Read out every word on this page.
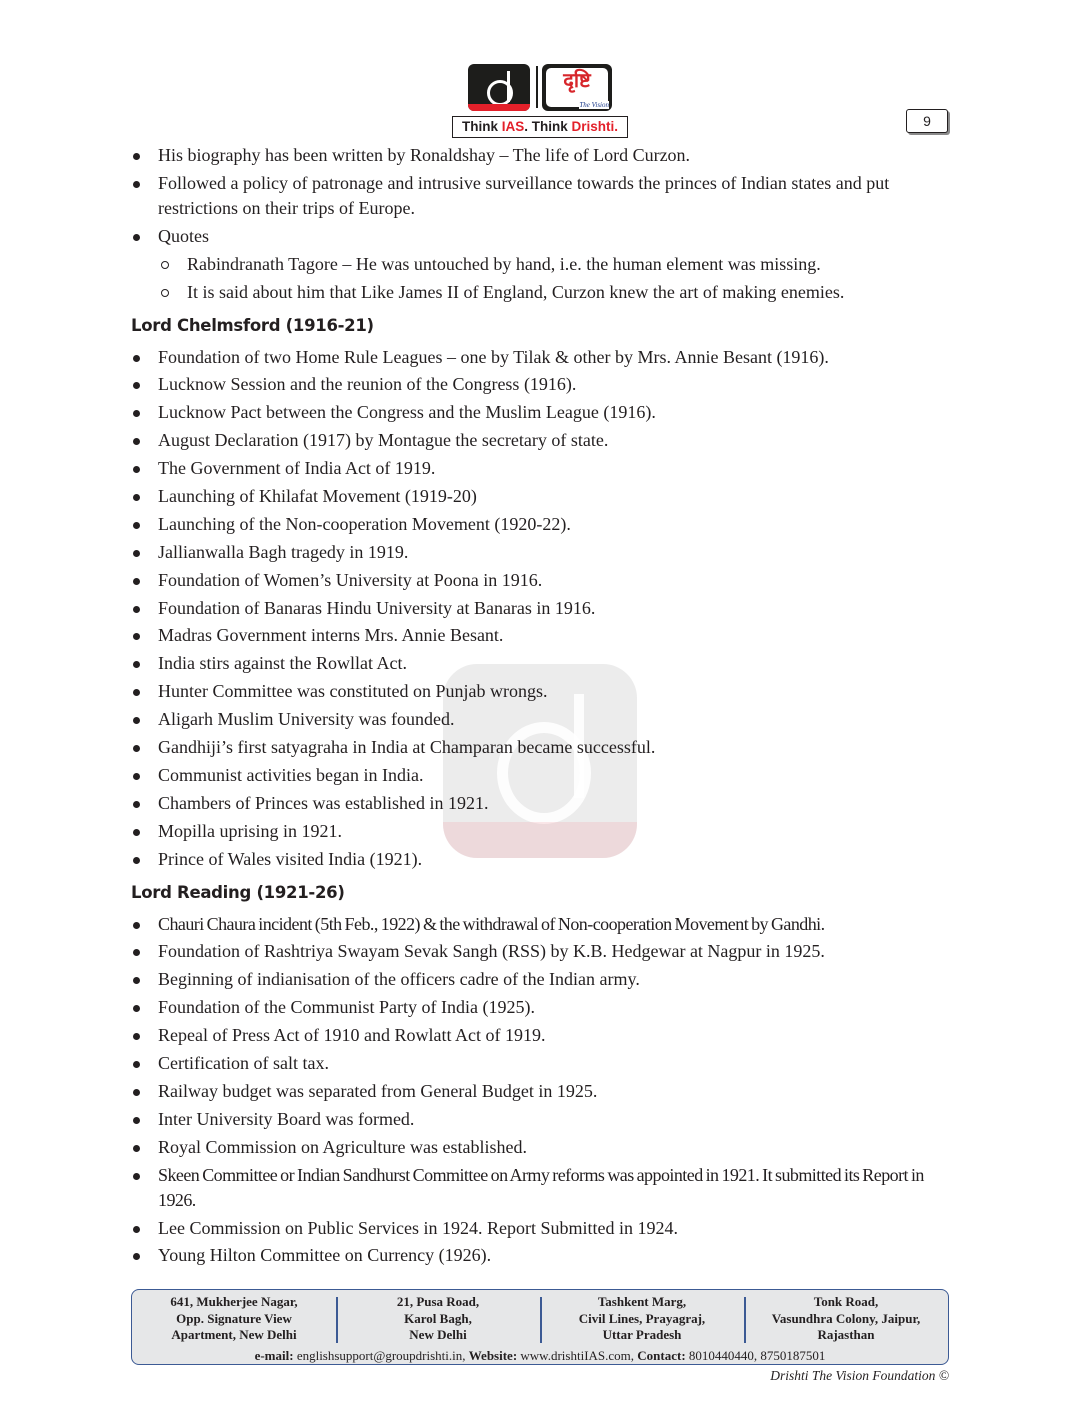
दृष्टि
The Vision
Think IAS. Think Drishti.	9
His biography has been written by Ronaldshay – The life of Lord Curzon.
Followed a policy of patronage and intrusive surveillance towards the princes of Indian states and put restrictions on their trips of Europe.
Quotes
Rabindranath Tagore – He was untouched by hand, i.e. the human element was missing.
It is said about him that Like James II of England, Curzon knew the art of making enemies.
Lord Chelmsford (1916-21)
Foundation of two Home Rule Leagues – one by Tilak & other by Mrs. Annie Besant (1916).
Lucknow Session and the reunion of the Congress (1916).
Lucknow Pact between the Congress and the Muslim League (1916).
August Declaration (1917) by Montague the secretary of state.
The Government of India Act of 1919.
Launching of Khilafat Movement (1919-20)
Launching of the Non-cooperation Movement (1920-22).
Jallianwalla Bagh tragedy in 1919.
Foundation of Women’s University at Poona in 1916.
Foundation of Banaras Hindu University at Banaras in 1916.
Madras Government interns Mrs. Annie Besant.
India stirs against the Rowllat Act.
Hunter Committee was constituted on Punjab wrongs.
Aligarh Muslim University was founded.
Gandhiji’s first satyagraha in India at Champaran became successful.
Communist activities began in India.
Chambers of Princes was established in 1921.
Mopilla uprising in 1921.
Prince of Wales visited India (1921).
Lord Reading (1921-26)
Chauri Chaura incident (5th Feb., 1922) & the withdrawal of Non-cooperation Movement by Gandhi.
Foundation of Rashtriya Swayam Sevak Sangh (RSS) by K.B. Hedgewar at Nagpur in 1925.
Beginning of indianisation of the officers cadre of the Indian army.
Foundation of the Communist Party of India (1925).
Repeal of Press Act of 1910 and Rowlatt Act of 1919.
Certification of salt tax.
Railway budget was separated from General Budget in 1925.
Inter University Board was formed.
Royal Commission on Agriculture was established.
Skeen Committee or Indian Sandhurst Committee on Army reforms was appointed in 1921. It submitted its Report in 1926.
Lee Commission on Public Services in 1924. Report Submitted in 1924.
Young Hilton Committee on Currency (1926).
641, Mukherjee Nagar,
Opp. Signature View
Apartment, New Delhi
21, Pusa Road,
Karol Bagh,
New Delhi
Tashkent Marg,
Civil Lines, Prayagraj,
Uttar Pradesh
Tonk Road,
Vasundhra Colony, Jaipur,
Rajasthan
e-mail: englishsupport@groupdrishti.in, Website: www.drishtiIAS.com, Contact: 8010440440, 8750187501
Drishti The Vision Foundation ©
